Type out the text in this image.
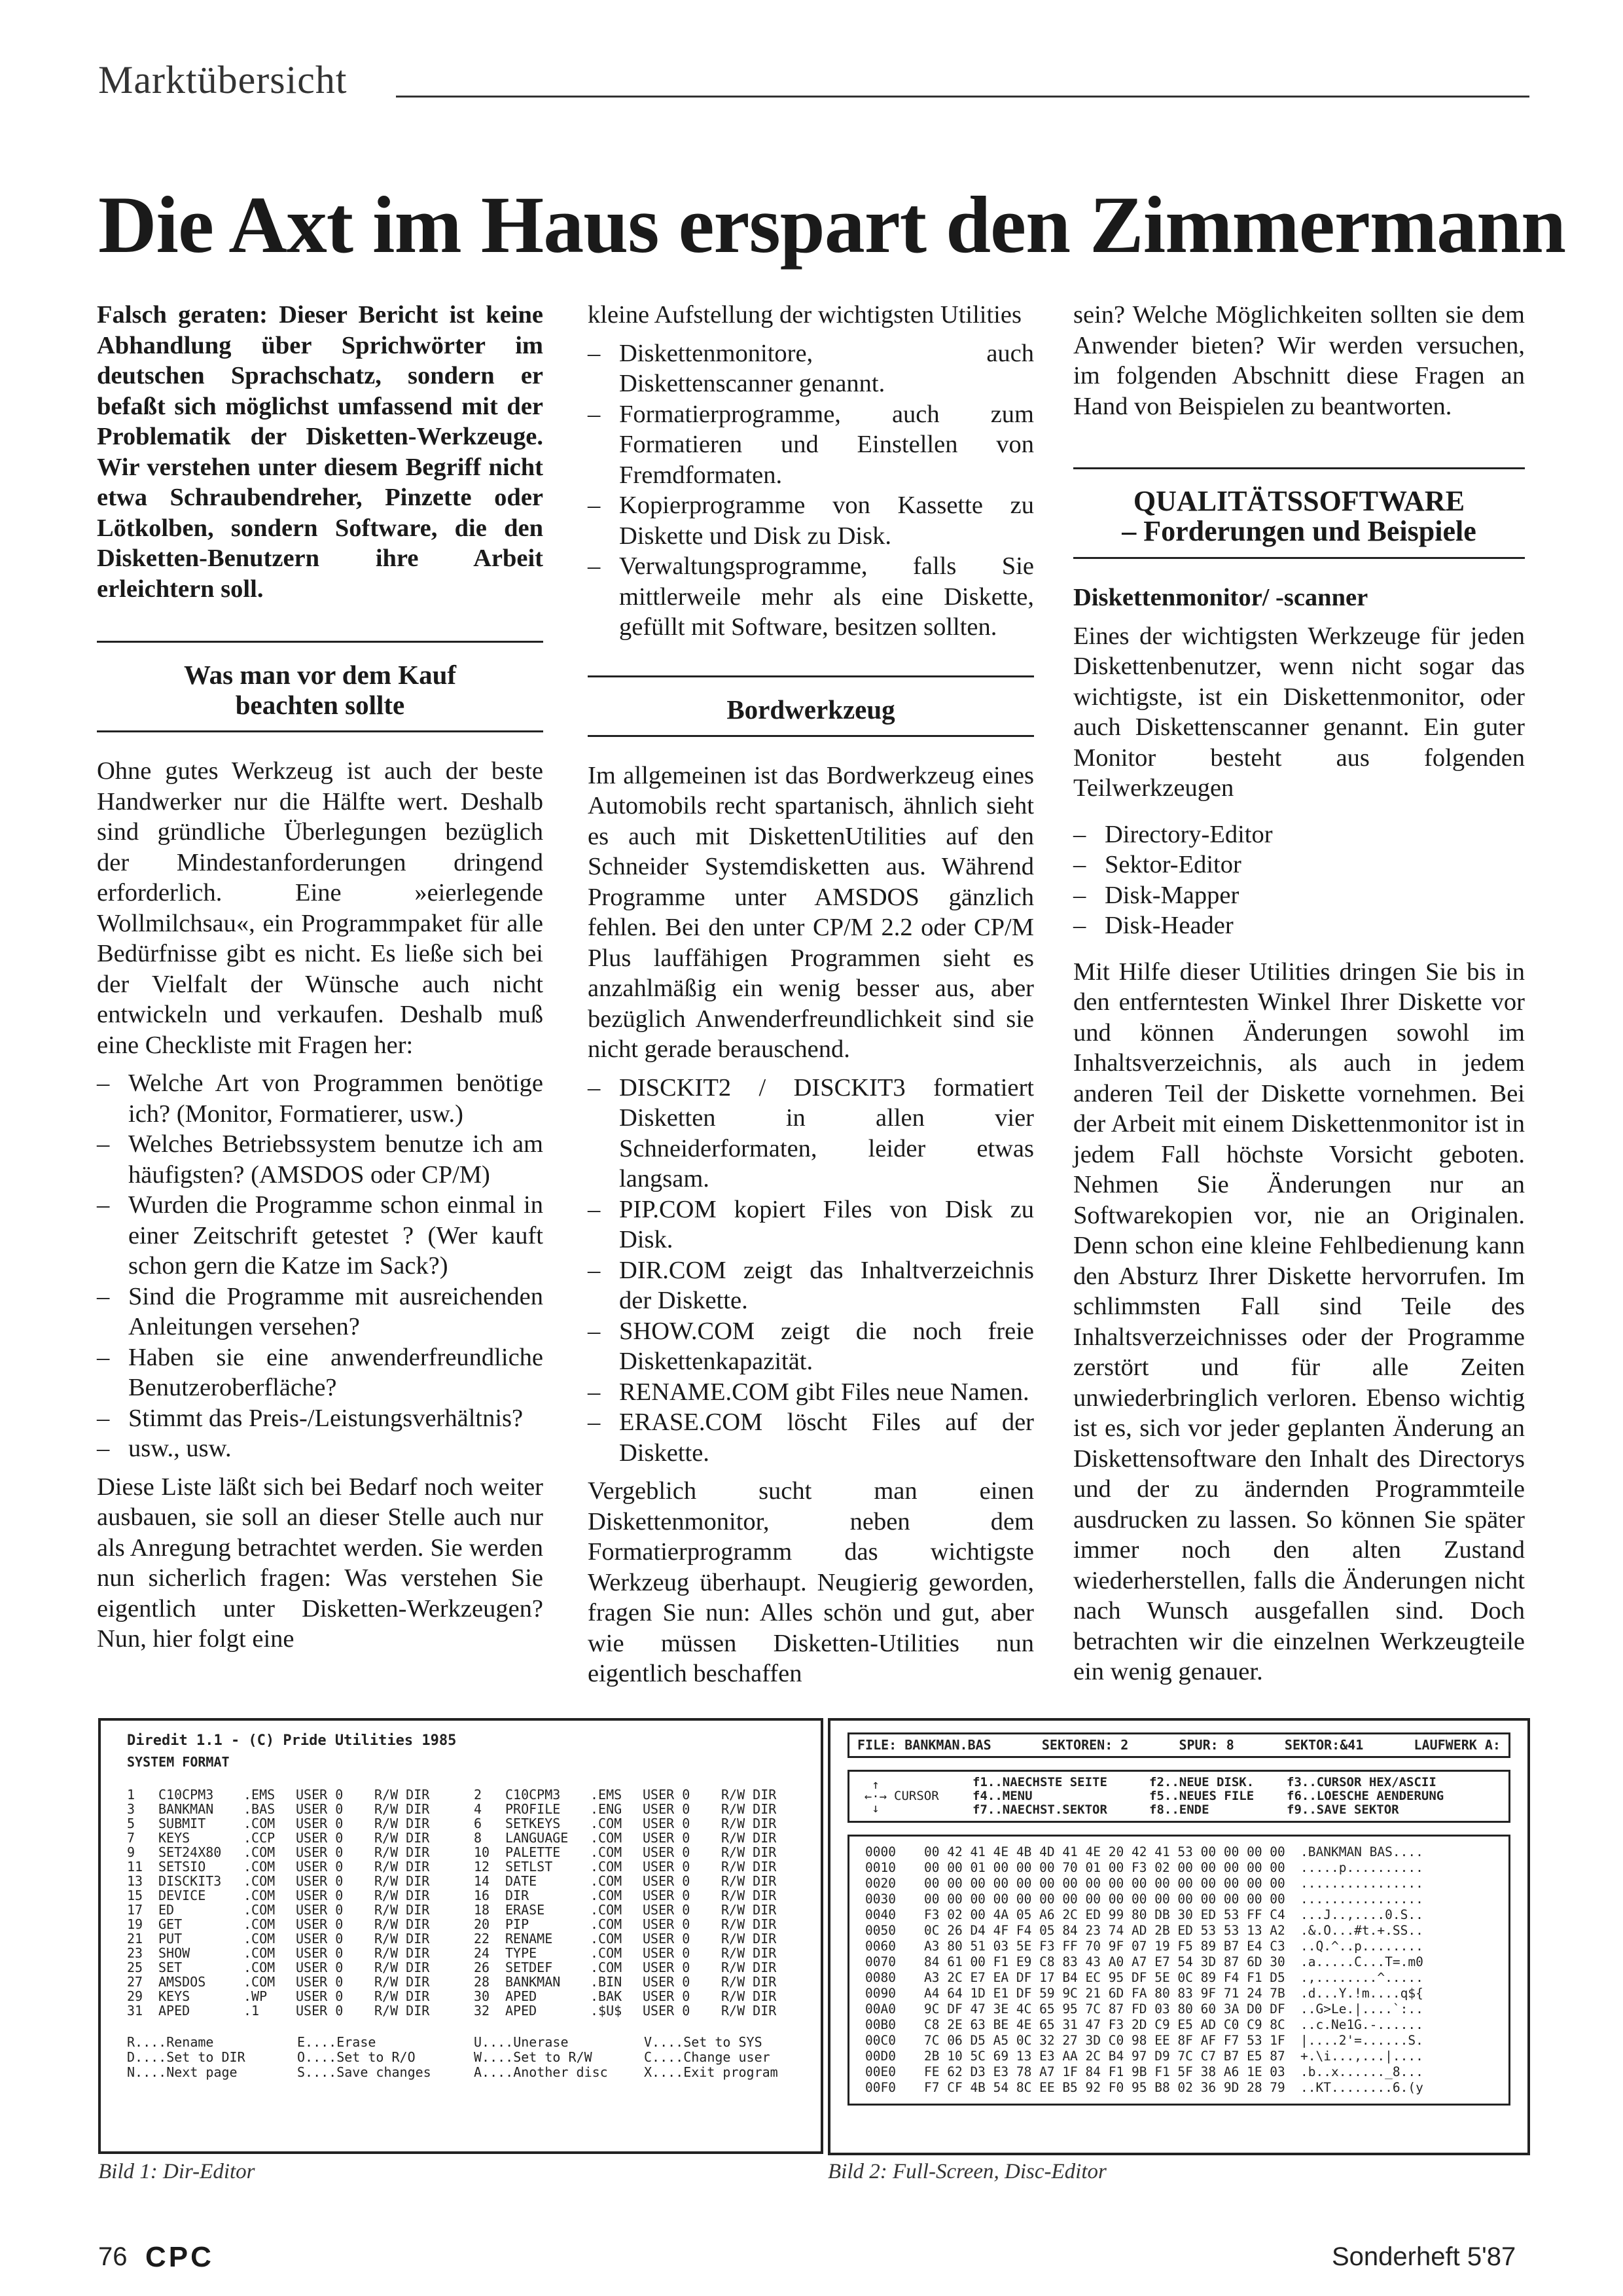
Marktübersicht
Die Axt im Haus erspart den Zimmermann

Falsch geraten: Dieser Bericht ist keine Abhandlung über Sprichwörter im deutschen Sprachschatz, sondern er befaßt sich möglichst umfassend mit der Problematik der Disketten-Werkzeuge. Wir verstehen unter diesem Begriff nicht etwa Schraubendreher, Pinzette oder Lötkolben, sondern Software, die den Disketten-Benutzern ihre Arbeit erleichtern soll.

Was man vor dem Kauf beachten sollte

Ohne gutes Werkzeug ist auch der beste Handwerker nur die Hälfte wert. Deshalb sind gründliche Überlegungen bezüglich der Mindestanforderungen dringend erforderlich. Eine »eierlegende Wollmilchsau«, ein Programmpaket für alle Bedürfnisse gibt es nicht. Es ließe sich bei der Vielfalt der Wünsche auch nicht entwickeln und verkaufen. Deshalb muß eine Checkliste mit Fragen her:

– Welche Art von Programmen benötige ich? (Monitor, Formatierer, usw.)
– Welches Betriebssystem benutze ich am häufigsten? (AMSDOS oder CP/M)
– Wurden die Programme schon einmal in einer Zeitschrift getestet ? (Wer kauft schon gern die Katze im Sack?)
– Sind die Programme mit ausreichenden Anleitungen versehen?
– Haben sie eine anwenderfreundliche Benutzeroberfläche?
– Stimmt das Preis-/Leistungsverhältnis?
– usw., usw.

Diese Liste läßt sich bei Bedarf noch weiter ausbauen, sie soll an dieser Stelle auch nur als Anregung betrachtet werden. Sie werden nun sicherlich fragen: Was verstehen Sie eigentlich unter Disketten-Werkzeugen? Nun, hier folgt eine

kleine Aufstellung der wichtigsten Utilities

– Diskettenmonitore, auch Diskettenscanner genannt.
– Formatierprogramme, auch zum Formatieren und Einstellen von Fremdformaten.
– Kopierprogramme von Kassette zu Diskette und Disk zu Disk.
– Verwaltungsprogramme, falls Sie mittlerweile mehr als eine Diskette, gefüllt mit Software, besitzen sollten.
Bordwerkzeug

Im allgemeinen ist das Bordwerkzeug eines Automobils recht spartanisch, ähnlich sieht es auch mit DiskettenUtilities auf den Schneider Systemdisketten aus. Während Programme unter AMSDOS gänzlich fehlen. Bei den unter CP/M 2.2 oder CP/M Plus lauffähigen Programmen sieht es anzahlmäßig ein wenig besser aus, aber bezüglich Anwenderfreundlichkeit sind sie nicht gerade berauschend.

– DISCKIT2 / DISCKIT3 formatiert Disketten in allen vier Schneiderformaten, leider etwas langsam.
– PIP.COM kopiert Files von Disk zu Disk.
– DIR.COM zeigt das Inhaltverzeichnis der Diskette.
– SHOW.COM zeigt die noch freie Diskettenkapazität.
– RENAME.COM gibt Files neue Namen.
– ERASE.COM löscht Files auf der Diskette.

Vergeblich sucht man einen Diskettenmonitor, neben dem Formatierprogramm das wichtigste Werkzeug überhaupt. Neugierig geworden, fragen Sie nun: Alles schön und gut, aber wie müssen Disketten-Utilities nun eigentlich beschaffen

sein? Welche Möglichkeiten sollten sie dem Anwender bieten? Wir werden versuchen, im folgenden Abschnitt diese Fragen an Hand von Beispielen zu beantworten.

QUALITÄTSSOFTWARE
– Forderungen und Beispiele

Diskettenmonitor/ -scanner

Eines der wichtigsten Werkzeuge für jeden Diskettenbenutzer, wenn nicht sogar das wichtigste, ist ein Diskettenmonitor, oder auch Diskettenscanner genannt. Ein guter Monitor besteht aus folgenden Teilwerkzeugen

– Directory-Editor
– Sektor-Editor
– Disk-Mapper
– Disk-Header

Mit Hilfe dieser Utilities dringen Sie bis in den entferntesten Winkel Ihrer Diskette vor und können Änderungen sowohl im Inhaltsverzeichnis, als auch in jedem anderen Teil der Diskette vornehmen. Bei der Arbeit mit einem Diskettenmonitor ist in jedem Fall höchste Vorsicht geboten. Nehmen Sie Änderungen nur an Softwarekopien vor, nie an Originalen. Denn schon eine kleine Fehlbedienung kann den Absturz Ihrer Diskette hervorrufen. Im schlimmsten Fall sind Teile des Inhaltsverzeichnisses oder der Programme zerstört und für alle Zeiten unwiederbringlich verloren. Ebenso wichtig ist es, sich vor jeder geplanten Änderung an Diskettensoftware den Inhalt des Directorys und der zu ändernden Programmteile ausdrucken zu lassen. So können Sie später immer noch den alten Zustand wiederherstellen, falls die Änderungen nicht nach Wunsch ausgefallen sind. Doch betrachten wir die einzelnen Werkzeugteile ein wenig genauer.

Diredit 1.1 - (C) Pride Utilities 1985
SYSTEM FORMAT
1	C10CPM3	.EMS	USER 0	R/W DIR
3	BANKMAN	.BAS	USER 0	R/W DIR
5	SUBMIT	.COM	USER 0	R/W DIR
7	KEYS	.CCP	USER 0	R/W DIR
9	SET24X80	.COM	USER 0	R/W DIR
11	SETSIO	.COM	USER 0	R/W DIR
13	DISCKIT3	.COM	USER 0	R/W DIR
15	DEVICE	.COM	USER 0	R/W DIR
17	ED	.COM	USER 0	R/W DIR
19	GET	.COM	USER 0	R/W DIR
21	PUT	.COM	USER 0	R/W DIR
23	SHOW	.COM	USER 0	R/W DIR
25	SET	.COM	USER 0	R/W DIR
27	AMSDOS	.COM	USER 0	R/W DIR
29	KEYS	.WP	USER 0	R/W DIR
31	APED	.1	USER 0	R/W DIR
2	C10CPM3	.EMS	USER 0	R/W DIR
4	PROFILE	.ENG	USER 0	R/W DIR
6	SETKEYS	.COM	USER 0	R/W DIR
8	LANGUAGE	.COM	USER 0	R/W DIR
10	PALETTE	.COM	USER 0	R/W DIR
12	SETLST	.COM	USER 0	R/W DIR
14	DATE	.COM	USER 0	R/W DIR
16	DIR	.COM	USER 0	R/W DIR
18	ERASE	.COM	USER 0	R/W DIR
20	PIP	.COM	USER 0	R/W DIR
22	RENAME	.COM	USER 0	R/W DIR
24	TYPE	.COM	USER 0	R/W DIR
26	SETDEF	.COM	USER 0	R/W DIR
28	BANKMAN	.BIN	USER 0	R/W DIR
30	APED	.BAK	USER 0	R/W DIR
32	APED	.$U$	USER 0	R/W DIR
R....Rename	E....Erase	U....Unerase	V....Set to SYS
D....Set to DIR	O....Set to R/O	W....Set to R/W	C....Change user
N....Next page	S....Save changes	A....Another disc	X....Exit program
Bild 1: Dir-Editor
FILE: BANKMAN.BAS	SEKTOREN: 2	SPUR: 8	SEKTOR:&41	LAUFWERK A:
↑
←·→
↓
CURSOR
f1..NAECHSTE SEITE	f2..NEUE DISK.	f3..CURSOR HEX/ASCII
f4..MENU	f5..NEUES FILE	f6..LOESCHE AENDERUNG
f7..NAECHST.SEKTOR	f8..ENDE	f9..SAVE SEKTOR
0000	00 42 41 4E 4B 4D 41 4E 20 42 41 53 00 00 00 00	.BANKMAN BAS....
0010	00 00 01 00 00 00 70 01 00 F3 02 00 00 00 00 00	.....p..........
0020	00 00 00 00 00 00 00 00 00 00 00 00 00 00 00 00	................
0030	00 00 00 00 00 00 00 00 00 00 00 00 00 00 00 00	................
0040	F3 02 00 4A 05 A6 2C ED 99 80 DB 30 ED 53 FF C4	...J..,....0.S..
0050	0C 26 D4 4F F4 05 84 23 74 AD 2B ED 53 53 13 A2	.&.O...#t.+.SS..
0060	A3 80 51 03 5E F3 FF 70 9F 07 19 F5 89 B7 E4 C3	..Q.^..p........
0070	84 61 00 F1 E9 C8 83 43 A0 A7 E7 54 3D 87 6D 30	.a.....C...T=.m0
0080	A3 2C E7 EA DF 17 B4 EC 95 DF 5E 0C 89 F4 F1 D5	.,........^.....
0090	A4 64 1D E1 DF 59 9C 21 6D FA 80 83 9F 71 24 7B	.d...Y.!m....q${
00A0	9C DF 47 3E 4C 65 95 7C 87 FD 03 80 60 3A D0 DF	..G>Le.|....`:..
00B0	C8 2E 63 BE 4E 65 31 47 F3 2D C9 E5 AD C0 C9 8C	..c.Ne1G.-......
00C0	7C 06 D5 A5 0C 32 27 3D C0 98 EE 8F AF F7 53 1F	|....2'=......S.
00D0	2B 10 5C 69 13 E3 AA 2C B4 97 D9 7C C7 B7 E5 87	+.\i...,...|....
00E0	FE 62 D3 E3 78 A7 1F 84 F1 9B F1 5F 38 A6 1E 03	.b..x......_8...
00F0	F7 CF 4B 54 8C EE B5 92 F0 95 B8 02 36 9D 28 79	..KT........6.(y
Bild 2: Full-Screen, Disc-Editor
76 CPC	Sonderheft 5'87
